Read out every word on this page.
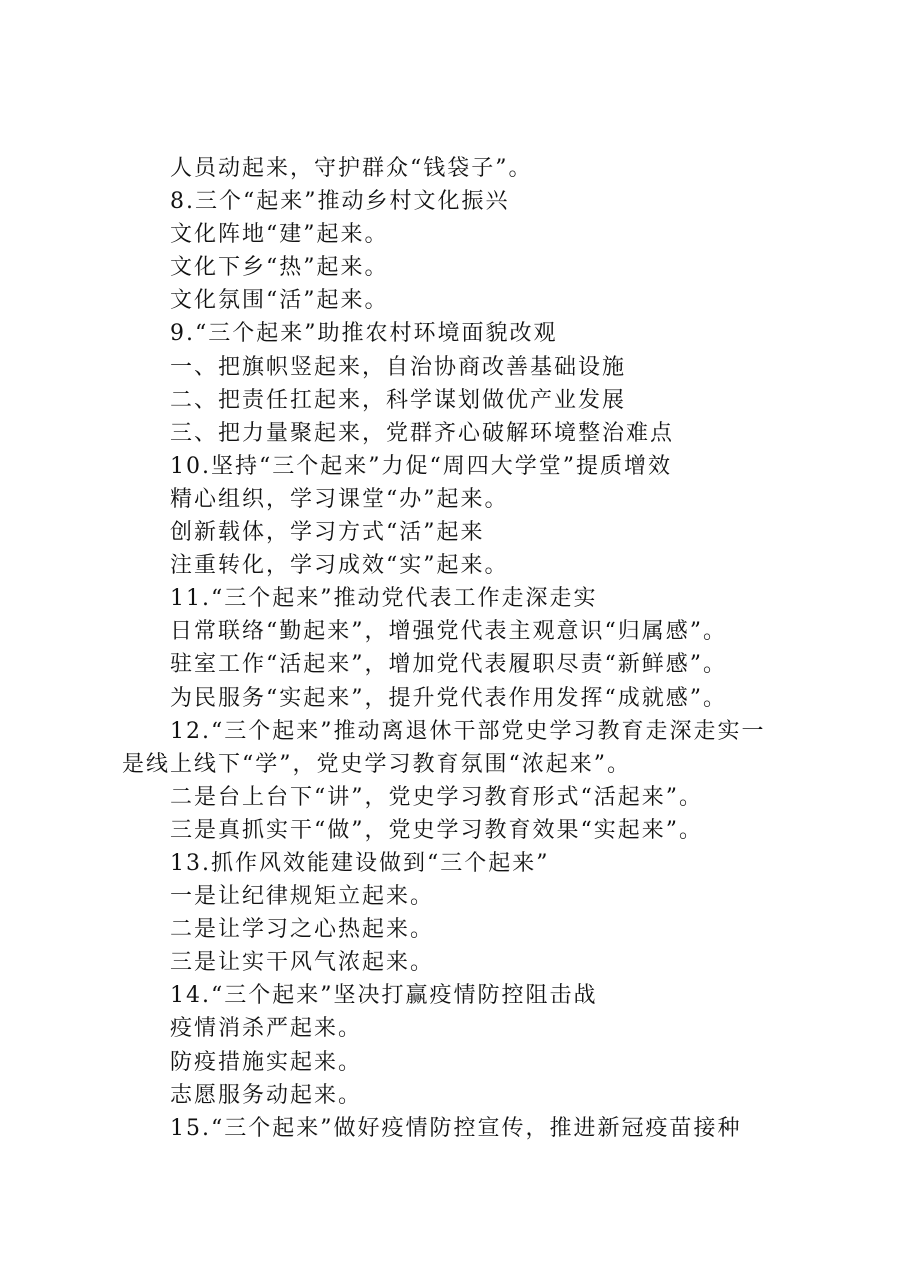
人员动起来，守护群众“钱袋子”。
8.三个“起来”推动乡村文化振兴
文化阵地“建”起来。
文化下乡“热”起来。
文化氛围“活”起来。
9.“三个起来”助推农村环境面貌改观
一、把旗帜竖起来，自治协商改善基础设施
二、把责任扛起来，科学谋划做优产业发展
三、把力量聚起来，党群齐心破解环境整治难点
10.坚持“三个起来”力促“周四大学堂”提质增效
精心组织，学习课堂“办”起来。
创新载体，学习方式“活”起来
注重转化，学习成效“实”起来。
11.“三个起来”推动党代表工作走深走实
日常联络“勤起来”，增强党代表主观意识“归属感”。
驻室工作“活起来”，增加党代表履职尽责“新鲜感”。
为民服务“实起来”，提升党代表作用发挥“成就感”。
12.“三个起来”推动离退休干部党史学习教育走深走实一
是线上线下“学”，党史学习教育氛围“浓起来”。
二是台上台下“讲”，党史学习教育形式“活起来”。
三是真抓实干“做”，党史学习教育效果“实起来”。
13.抓作风效能建设做到“三个起来”
一是让纪律规矩立起来。
二是让学习之心热起来。
三是让实干风气浓起来。
14.“三个起来”坚决打赢疫情防控阻击战
疫情消杀严起来。
防疫措施实起来。
志愿服务动起来。
15.“三个起来”做好疫情防控宣传，推进新冠疫苗接种
